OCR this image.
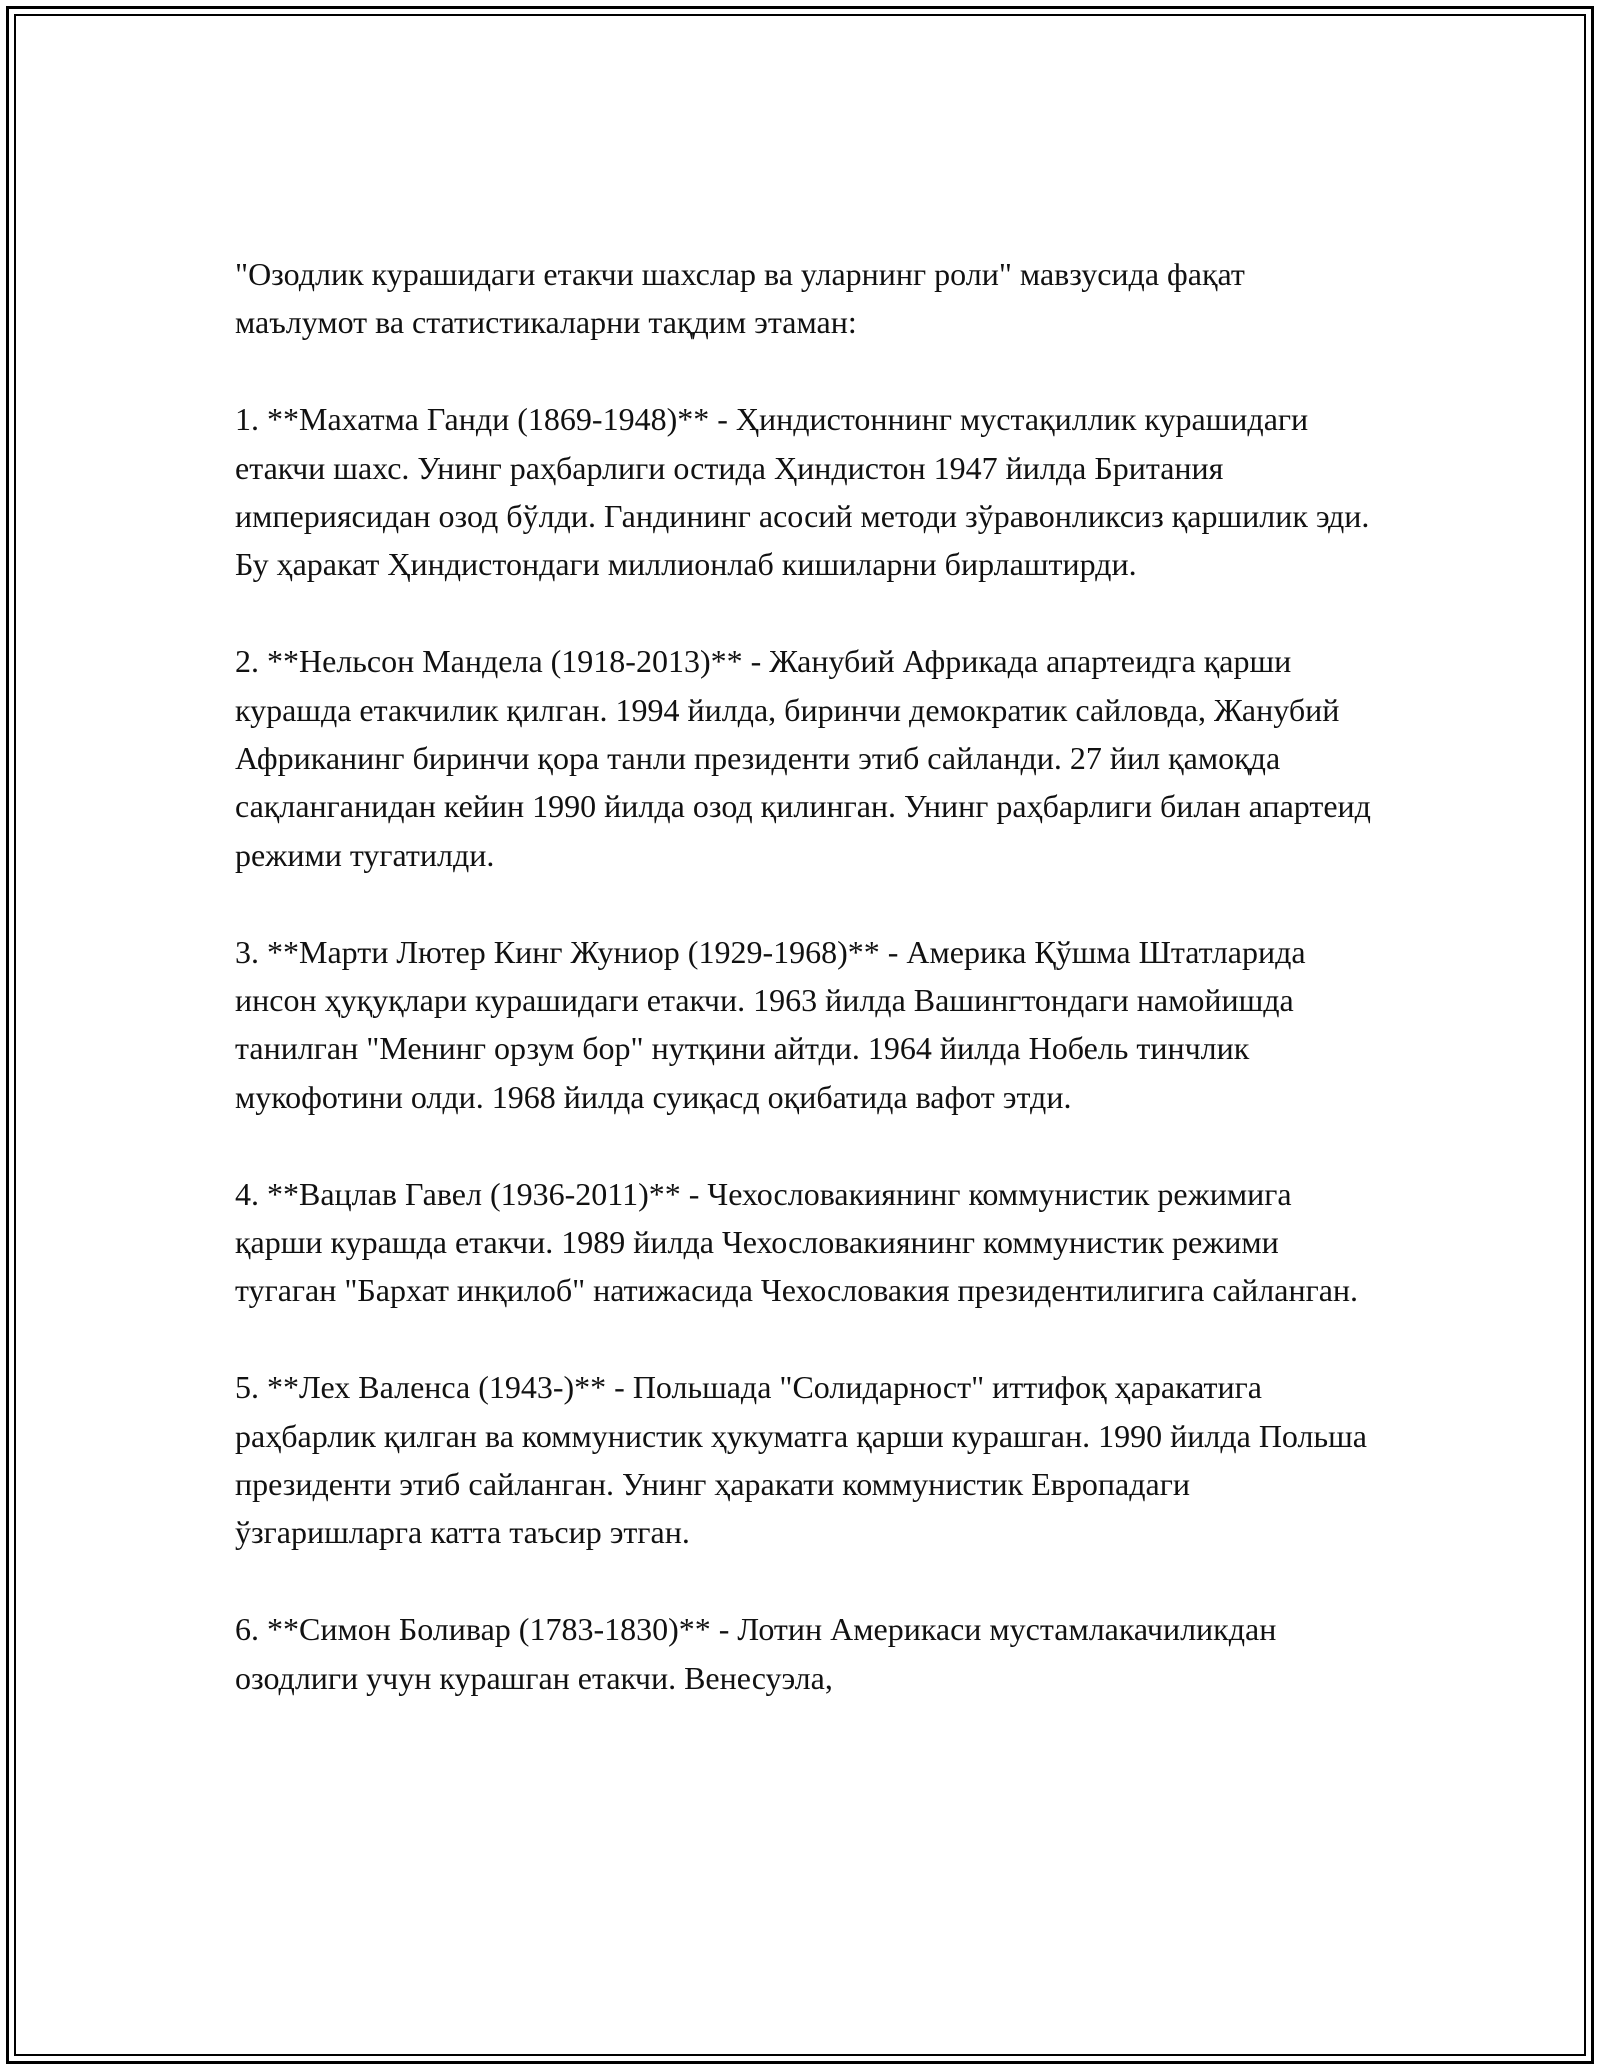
"Озодлик курашидаги етакчи шахслар ва уларнинг роли" мавзусида фақат маълумот ва статистикаларни тақдим этаман:

1. **Махатма Ганди (1869-1948)** - Ҳиндистоннинг мустақиллик курашидаги етакчи шахс. Унинг раҳбарлиги остида Ҳиндистон 1947 йилда Британия империясидан озод бўлди. Гандининг асосий методи зўравонликсиз қаршилик эди. Бу ҳаракат Ҳиндистондаги миллионлаб кишиларни бирлаштирди.

2. **Нельсон Мандела (1918-2013)** - Жанубий Африкада апартеидга қарши курашда етакчилик қилган. 1994 йилда, биринчи демократик сайловда, Жанубий Африканинг биринчи қора танли президенти этиб сайланди. 27 йил қамоқда сақланганидан кейин 1990 йилда озод қилинган. Унинг раҳбарлиги билан апартеид режими тугатилди.

3. **Марти Лютер Кинг Жуниор (1929-1968)** - Америка Қўшма Штатларида инсон ҳуқуқлари курашидаги етакчи. 1963 йилда Вашингтондаги намойишда танилган "Менинг орзум бор" нутқини айтди. 1964 йилда Нобель тинчлик мукофотини олди. 1968 йилда суиқасд оқибатида вафот этди.

4. **Вацлав Гавел (1936-2011)** - Чехословакиянинг коммунистик режимига қарши курашда етакчи. 1989 йилда Чехословакиянинг коммунистик режими тугаган "Бархат инқилоб" натижасида Чехословакия президентилигига сайланган.

5. **Лех Валенса (1943-)** - Польшада "Солидарност" иттифоқ ҳаракатига раҳбарлик қилган ва коммунистик ҳукуматга қарши курашган. 1990 йилда Польша президенти этиб сайланган. Унинг ҳаракати коммунистик Европадаги ўзгаришларга катта таъсир этган.

6. **Симон Боливар (1783-1830)** - Лотин Америкаси мустамлакачиликдан озодлиги учун курашган етакчи. Венесуэла,
